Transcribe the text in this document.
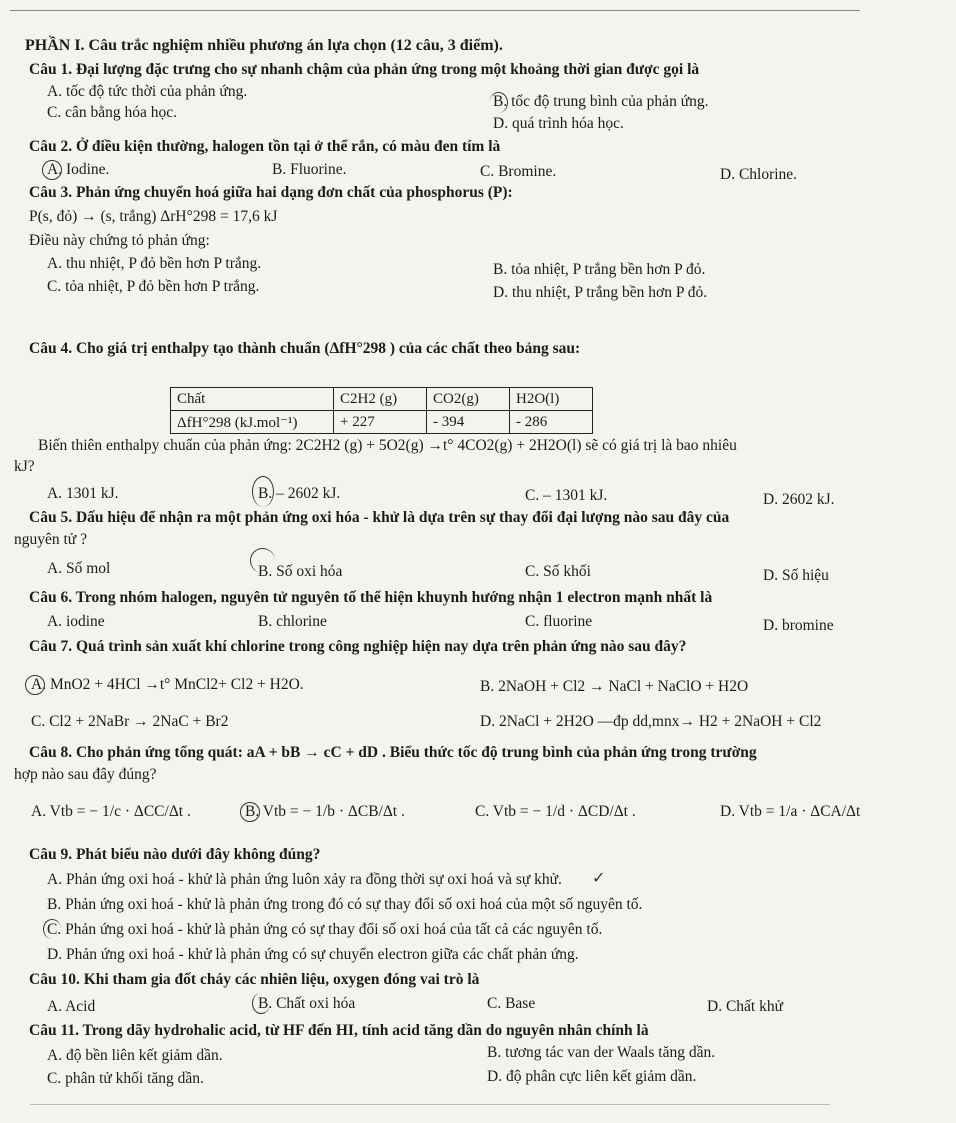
PHẦN I. Câu trắc nghiệm nhiều phương án lựa chọn (12 câu, 3 điểm).
Câu 1. Đại lượng đặc trưng cho sự nhanh chậm của phản ứng trong một khoảng thời gian được gọi là
A. tốc độ tức thời của phản ứng.
B. tốc độ trung bình của phản ứng.
C. cân bằng hóa học.
D. quá trình hóa học.
Câu 2. Ở điều kiện thường, halogen tồn tại ở thể rắn, có màu đen tím là
A. Iodine.	B. Fluorine.	C. Bromine.	D. Chlorine.
Câu 3. Phản ứng chuyển hoá giữa hai dạng đơn chất của phosphorus (P):
P(s, đỏ) → (s, trắng) ΔrH°298 = 17,6 kJ
Điều này chứng tỏ phản ứng:
A. thu nhiệt, P đỏ bền hơn P trắng.	B. tỏa nhiệt, P trắng bền hơn P đỏ.
C. tỏa nhiệt, P đỏ bền hơn P trắng.	D. thu nhiệt, P trắng bền hơn P đỏ.
Câu 4. Cho giá trị enthalpy tạo thành chuẩn (ΔfH°298 ) của các chất theo bảng sau:
Chất	C2H2 (g)	CO2(g)	H2O(l)
ΔfH°298 (kJ.mol⁻¹)	+ 227	- 394	- 286
Biến thiên enthalpy chuẩn của phản ứng: 2C2H2 (g) + 5O2(g) →t° 4CO2(g) + 2H2O(l) sẽ có giá trị là bao nhiêu
kJ?
A. 1301 kJ.	B. – 2602 kJ.	C. – 1301 kJ.	D. 2602 kJ.
Câu 5. Dấu hiệu để nhận ra một phản ứng oxi hóa - khử là dựa trên sự thay đổi đại lượng nào sau đây của
nguyên tử ?
A. Số mol	B. Số oxi hóa	C. Số khối	D. Số hiệu
Câu 6. Trong nhóm halogen, nguyên tử nguyên tố thể hiện khuynh hướng nhận 1 electron mạnh nhất là
A. iodine	B. chlorine	C. fluorine	D. bromine
Câu 7. Quá trình sản xuất khí chlorine trong công nghiệp hiện nay dựa trên phản ứng nào sau đây?
A. MnO2 + 4HCl →t° MnCl2+ Cl2 + H2O.	B. 2NaOH + Cl2 → NaCl + NaClO + H2O
C. Cl2 + 2NaBr → 2NaC + Br2	D. 2NaCl + 2H2O —đp dd,mnx→ H2 + 2NaOH + Cl2
Câu 8. Cho phản ứng tổng quát: aA + bB → cC + dD . Biểu thức tốc độ trung bình của phản ứng trong trường
hợp nào sau đây đúng?
A. Vtb = − 1/c · ΔCC/Δt .	B. Vtb = − 1/b · ΔCB/Δt .	C. Vtb = − 1/d · ΔCD/Δt .	D. Vtb = 1/a · ΔCA/Δt
Câu 9. Phát biểu nào dưới đây không đúng?
A. Phản ứng oxi hoá - khử là phản ứng luôn xảy ra đồng thời sự oxi hoá và sự khử. ✓
B. Phản ứng oxi hoá - khử là phản ứng trong đó có sự thay đổi số oxi hoá của một số nguyên tố.
C. Phản ứng oxi hoá - khử là phản ứng có sự thay đổi số oxi hoá của tất cả các nguyên tố.
D. Phản ứng oxi hoá - khử là phản ứng có sự chuyển electron giữa các chất phản ứng.
Câu 10. Khi tham gia đốt cháy các nhiên liệu, oxygen đóng vai trò là
A. Acid	B. Chất oxi hóa	C. Base	D. Chất khử
Câu 11. Trong dãy hydrohalic acid, từ HF đến HI, tính acid tăng dần do nguyên nhân chính là
A. độ bền liên kết giảm dần.	B. tương tác van der Waals tăng dần.
C. phân tử khối tăng dần.	D. độ phân cực liên kết giảm dần.
